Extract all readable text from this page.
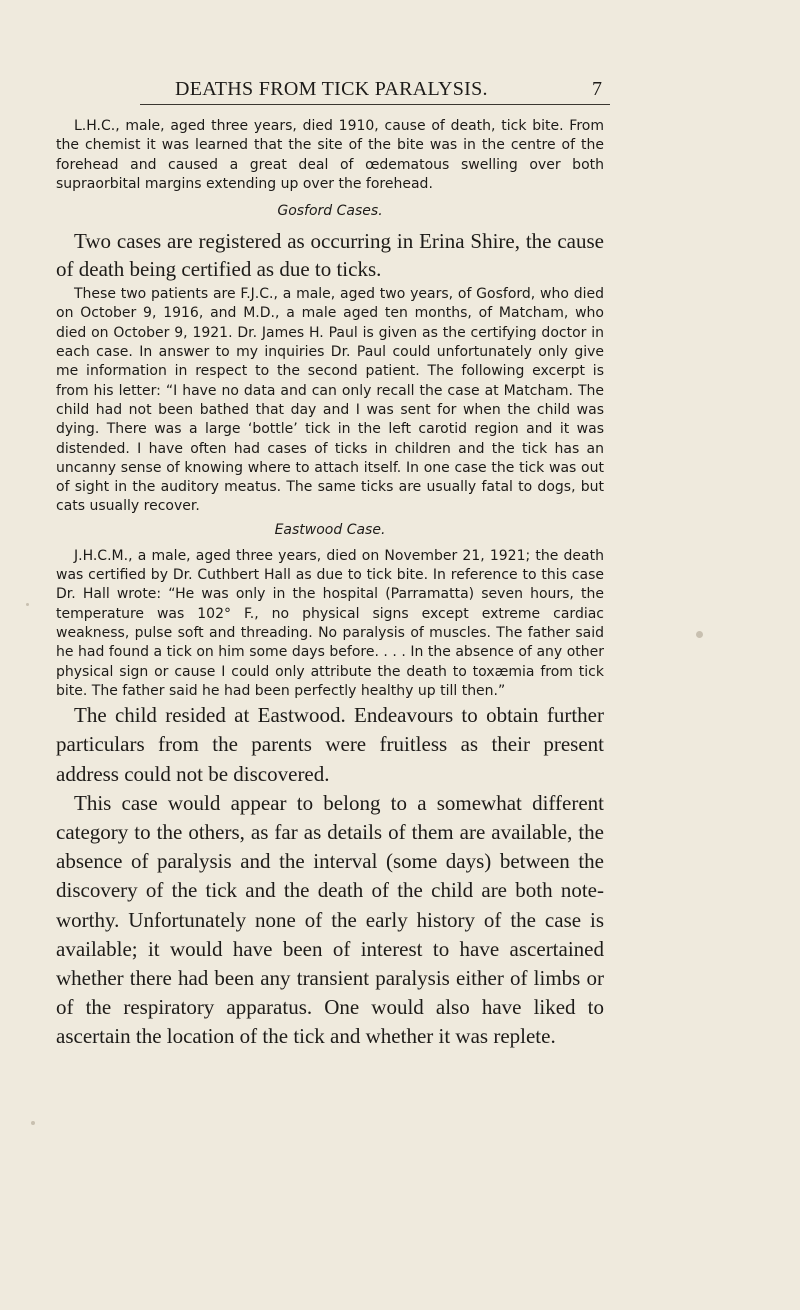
DEATHS FROM TICK PARALYSIS.	7

L.H.C., male, aged three years, died 1910, cause of death, tick bite. From the chemist it was learned that the site of the bite was in the centre of the forehead and caused a great deal of œdematous swelling over both supraorbital margins extending up over the forehead.

Gosford Cases.

Two cases are registered as occurring in Erina Shire, the cause of death being certified as due to ticks.

These two patients are F.J.C., a male, aged two years, of Gosford, who died on October 9, 1916, and M.D., a male aged ten months, of Matcham, who died on October 9, 1921. Dr. James H. Paul is given as the certifying doctor in each case. In answer to my inquiries Dr. Paul could unfortunately only give me information in respect to the second patient. The following excerpt is from his letter: “I have no data and can only recall the case at Matcham. The child had not been bathed that day and I was sent for when the child was dying. There was a large ‘bottle’ tick in the left carotid region and it was distended. I have often had cases of ticks in children and the tick has an uncanny sense of knowing where to attach itself. In one case the tick was out of sight in the auditory meatus. The same ticks are usually fatal to dogs, but cats usually recover.

Eastwood Case.

J.H.C.M., a male, aged three years, died on November 21, 1921; the death was certified by Dr. Cuthbert Hall as due to tick bite. In reference to this case Dr. Hall wrote: “He was only in the hospital (Parramatta) seven hours, the temperature was 102° F., no physical signs except extreme cardiac weakness, pulse soft and threading. No paralysis of muscles. The father said he had found a tick on him some days before. . . . In the absence of any other physical sign or cause I could only attribute the death to toxæmia from tick bite. The father said he had been perfectly healthy up till then.”

The child resided at Eastwood. Endeavours to obtain further particulars from the parents were fruitless as their present address could not be discovered.

This case would appear to belong to a somewhat different category to the others, as far as details of them are available, the absence of paralysis and the interval (some days) between the discovery of the tick and the death of the child are both note-worthy. Unfortunately none of the early history of the case is available; it would have been of interest to have ascertained whether there had been any transient paralysis either of limbs or of the respiratory apparatus. One would also have liked to ascertain the location of the tick and whether it was replete.
